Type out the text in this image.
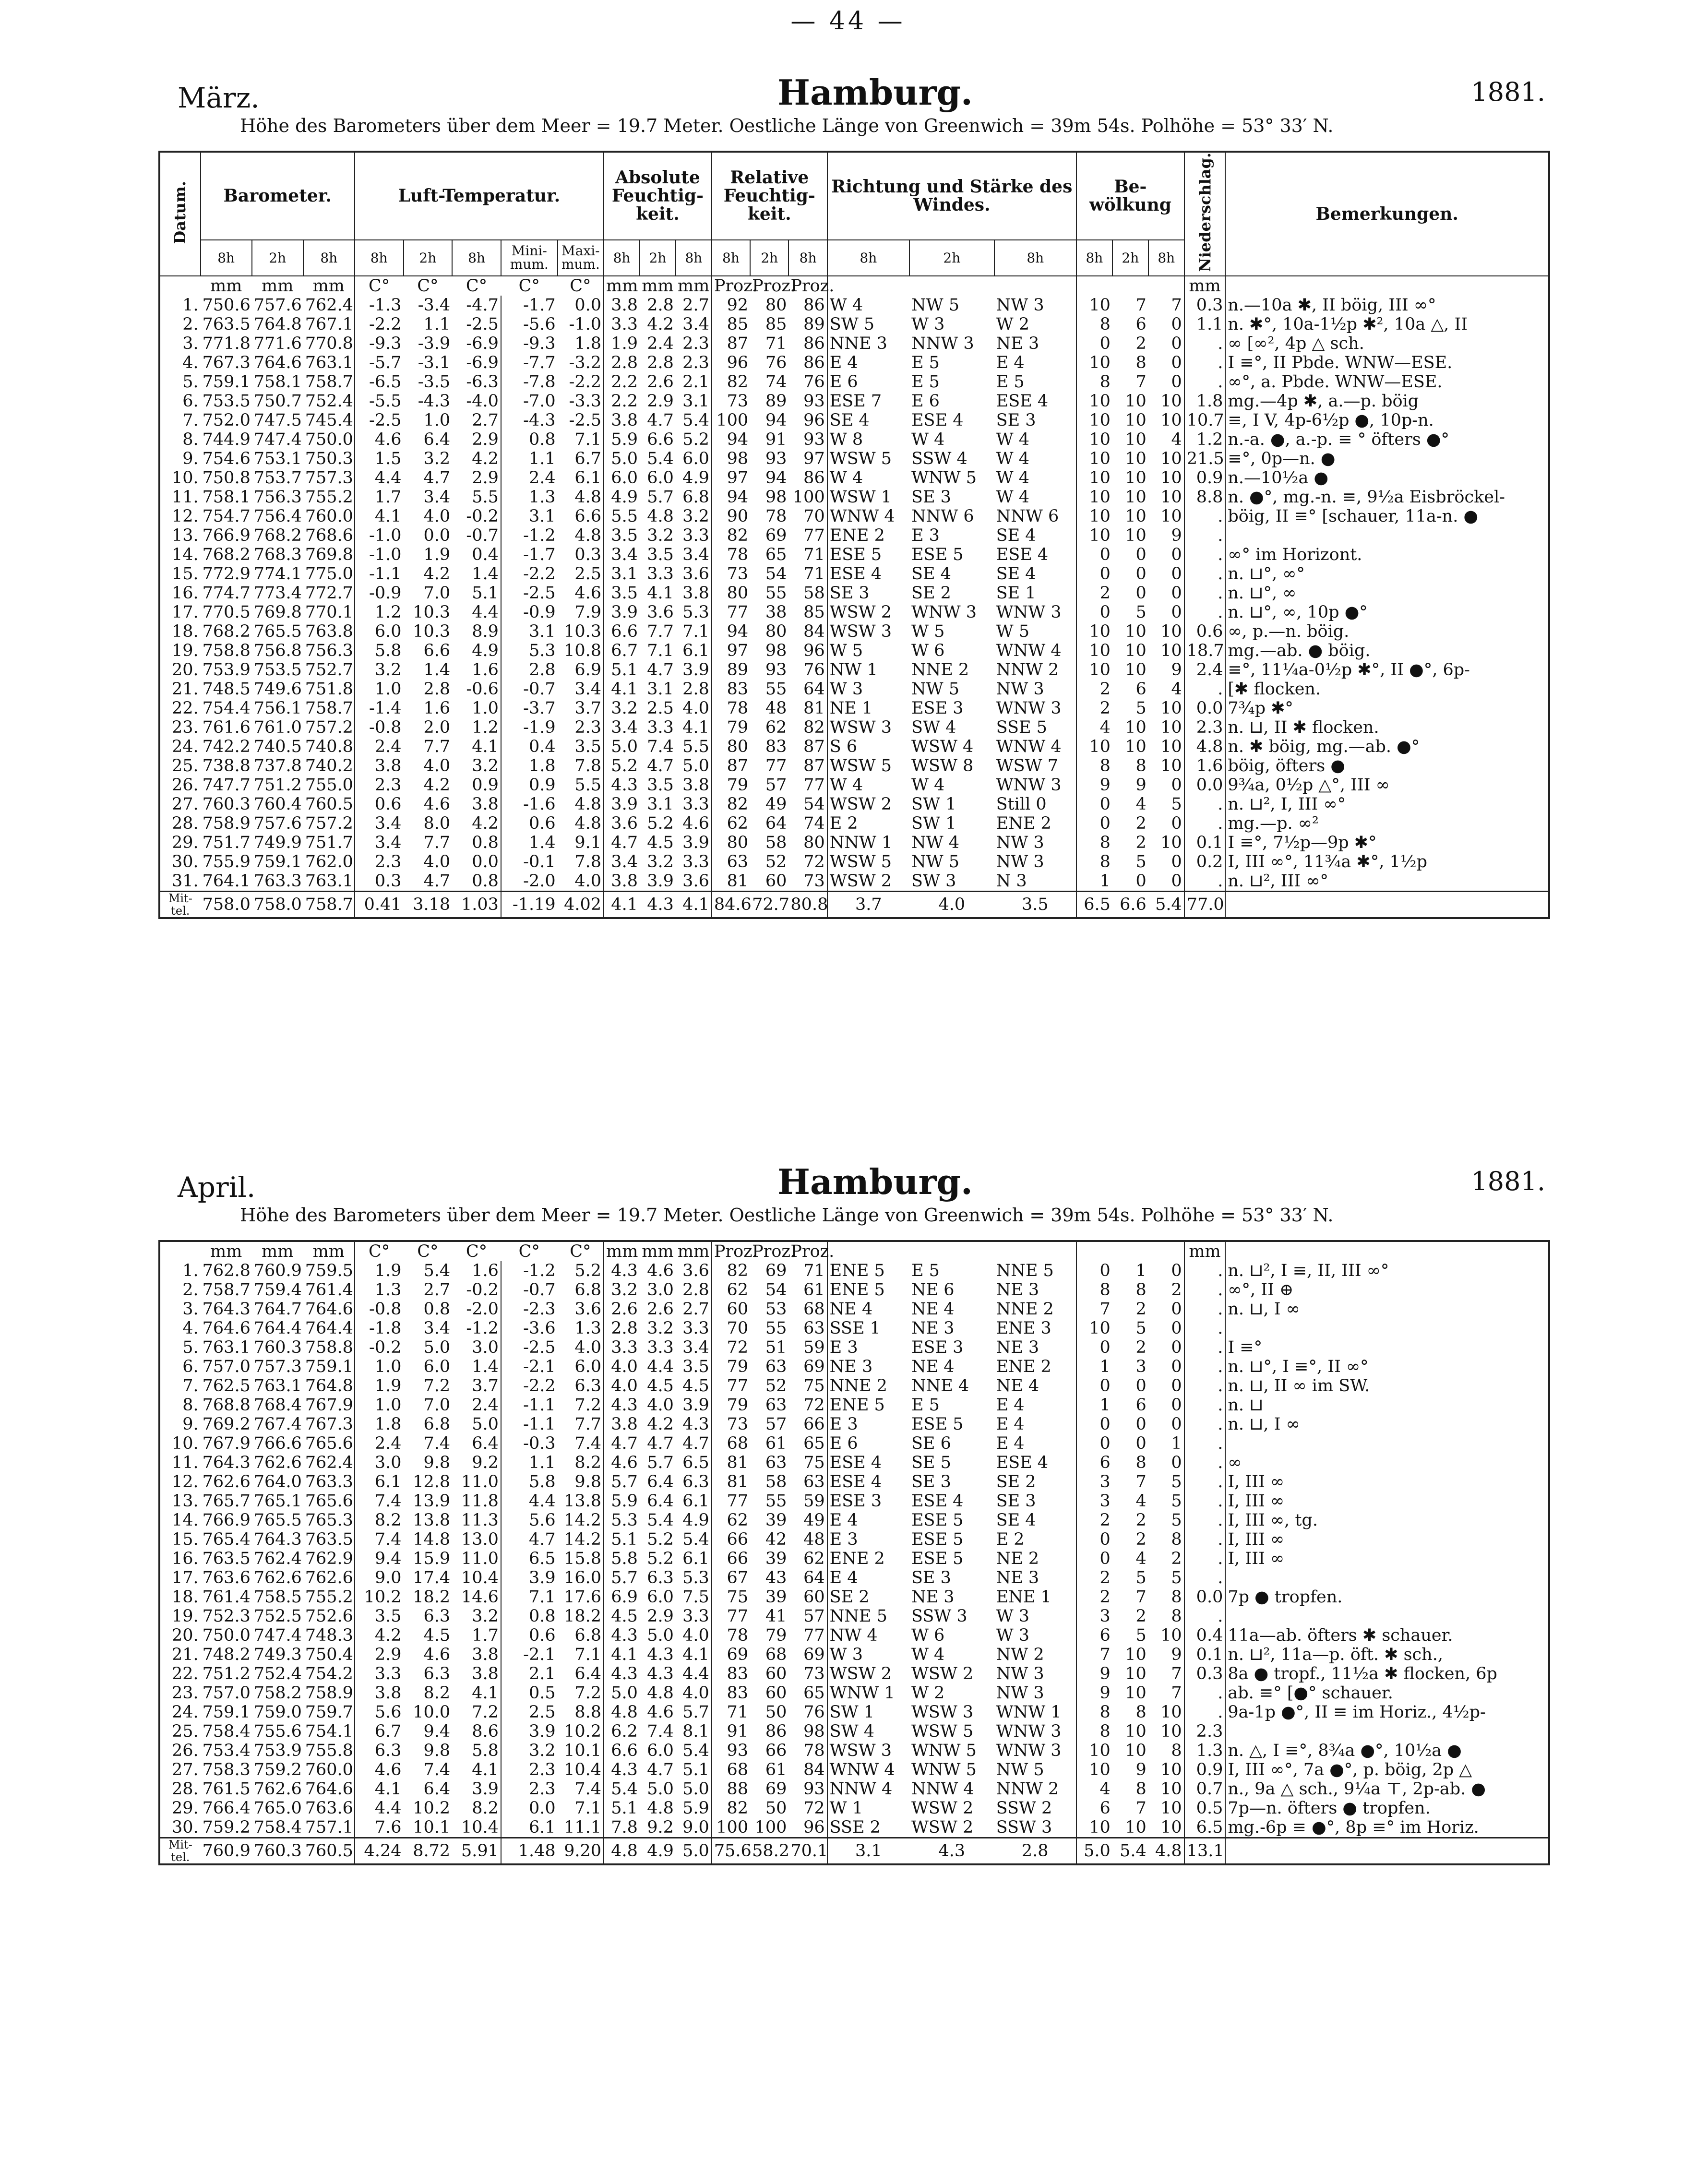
— 44 —
März.	Hamburg.	1881.
Höhe des Barometers über dem Meer = 19.7 Meter. Oestliche Länge von Greenwich = 39m 54s. Polhöhe = 53° 33′ N.
Datum.	Barometer.			Luft-Temperatur.					Absolute Feuchtig-keit.			Relative Feuchtig-keit.			Richtung und Stärke des Windes.			Be-wölkung			Niederschlag.	Bemerkungen.
	8h	2h	8h	8h	2h	8h	Mini-mum.	Maxi-mum.	8h	2h	8h	8h	2h	8h	8h	2h	8h	8h	2h	8h		
	mm	mm	mm	C°	C°	C°	C°	C°	mm	mm	mm	Proz.	Proz.	Proz.							mm	
1.	750.6	757.6	762.4	-1.3	-3.4	-4.7	-1.7	0.0	3.8	2.8	2.7	92	80	86	W 4	NW 5	NW 3	10	7	7	0.3	n.—10a ✱, II böig, III ∞°
2.	763.5	764.8	767.1	-2.2	1.1	-2.5	-5.6	-1.0	3.3	4.2	3.4	85	85	89	SW 5	W 3	W 2	8	6	0	1.1	n. ✱°, 10a-1½p ✱², 10a △, II
3.	771.8	771.6	770.8	-9.3	-3.9	-6.9	-9.3	1.8	1.9	2.4	2.3	87	71	86	NNE 3	NNW 3	NE 3	0	2	0	.	∞ [∞², 4p △ sch.
4.	767.3	764.6	763.1	-5.7	-3.1	-6.9	-7.7	-3.2	2.8	2.8	2.3	96	76	86	E 4	E 5	E 4	10	8	0	.	I ≡°, II Pbde. WNW—ESE.
5.	759.1	758.1	758.7	-6.5	-3.5	-6.3	-7.8	-2.2	2.2	2.6	2.1	82	74	76	E 6	E 5	E 5	8	7	0	.	∞°, a. Pbde. WNW—ESE.
6.	753.5	750.7	752.4	-5.5	-4.3	-4.0	-7.0	-3.3	2.2	2.9	3.1	73	89	93	ESE 7	E 6	ESE 4	10	10	10	1.8	mg.—4p ✱, a.—p. böig
7.	752.0	747.5	745.4	-2.5	1.0	2.7	-4.3	-2.5	3.8	4.7	5.4	100	94	96	SE 4	ESE 4	SE 3	10	10	10	10.7	≡, I V, 4p-6½p ●, 10p-n.
8.	744.9	747.4	750.0	4.6	6.4	2.9	0.8	7.1	5.9	6.6	5.2	94	91	93	W 8	W 4	W 4	10	10	4	1.2	n.-a. ●, a.-p. ≡ ° öfters ●°
9.	754.6	753.1	750.3	1.5	3.2	4.2	1.1	6.7	5.0	5.4	6.0	98	93	97	WSW 5	SSW 4	W 4	10	10	10	21.5	≡°, 0p—n. ●
10.	750.8	753.7	757.3	4.4	4.7	2.9	2.4	6.1	6.0	6.0	4.9	97	94	86	W 4	WNW 5	W 4	10	10	10	0.9	n.—10½a ●
11.	758.1	756.3	755.2	1.7	3.4	5.5	1.3	4.8	4.9	5.7	6.8	94	98	100	WSW 1	SE 3	W 4	10	10	10	8.8	n. ●°, mg.-n. ≡, 9½a Eisbröckel-
12.	754.7	756.4	760.0	4.1	4.0	-0.2	3.1	6.6	5.5	4.8	3.2	90	78	70	WNW 4	NNW 6	NNW 6	10	10	10	.	böig, II ≡° [schauer, 11a-n. ●
13.	766.9	768.2	768.6	-1.0	0.0	-0.7	-1.2	4.8	3.5	3.2	3.3	82	69	77	ENE 2	E 3	SE 4	10	10	9	.	
14.	768.2	768.3	769.8	-1.0	1.9	0.4	-1.7	0.3	3.4	3.5	3.4	78	65	71	ESE 5	ESE 5	ESE 4	0	0	0	.	∞° im Horizont.
15.	772.9	774.1	775.0	-1.1	4.2	1.4	-2.2	2.5	3.1	3.3	3.6	73	54	71	ESE 4	SE 4	SE 4	0	0	0	.	n. ⊔°, ∞°
16.	774.7	773.4	772.7	-0.9	7.0	5.1	-2.5	4.6	3.5	4.1	3.8	80	55	58	SE 3	SE 2	SE 1	2	0	0	.	n. ⊔°, ∞
17.	770.5	769.8	770.1	1.2	10.3	4.4	-0.9	7.9	3.9	3.6	5.3	77	38	85	WSW 2	WNW 3	WNW 3	0	5	0	.	n. ⊔°, ∞, 10p ●°
18.	768.2	765.5	763.8	6.0	10.3	8.9	3.1	10.3	6.6	7.7	7.1	94	80	84	WSW 3	W 5	W 5	10	10	10	0.6	∞, p.—n. böig.
19.	758.8	756.8	756.3	5.8	6.6	4.9	5.3	10.8	6.7	7.1	6.1	97	98	96	W 5	W 6	WNW 4	10	10	10	18.7	mg.—ab. ● böig.
20.	753.9	753.5	752.7	3.2	1.4	1.6	2.8	6.9	5.1	4.7	3.9	89	93	76	NW 1	NNE 2	NNW 2	10	10	9	2.4	≡°, 11¼a-0½p ✱°, II ●°, 6p-
21.	748.5	749.6	751.8	1.0	2.8	-0.6	-0.7	3.4	4.1	3.1	2.8	83	55	64	W 3	NW 5	NW 3	2	6	4	.	[✱ flocken.
22.	754.4	756.1	758.7	-1.4	1.6	1.0	-3.7	3.7	3.2	2.5	4.0	78	48	81	NE 1	ESE 3	WNW 3	2	5	10	0.0	7¾p ✱°
23.	761.6	761.0	757.2	-0.8	2.0	1.2	-1.9	2.3	3.4	3.3	4.1	79	62	82	WSW 3	SW 4	SSE 5	4	10	10	2.3	n. ⊔, II ✱ flocken.
24.	742.2	740.5	740.8	2.4	7.7	4.1	0.4	3.5	5.0	7.4	5.5	80	83	87	S 6	WSW 4	WNW 4	10	10	10	4.8	n. ✱ böig, mg.—ab. ●°
25.	738.8	737.8	740.2	3.8	4.0	3.2	1.8	7.8	5.2	4.7	5.0	87	77	87	WSW 5	WSW 8	WSW 7	8	8	10	1.6	böig, öfters ●
26.	747.7	751.2	755.0	2.3	4.2	0.9	0.9	5.5	4.3	3.5	3.8	79	57	77	W 4	W 4	WNW 3	9	9	0	0.0	9¾a, 0½p △°, III ∞
27.	760.3	760.4	760.5	0.6	4.6	3.8	-1.6	4.8	3.9	3.1	3.3	82	49	54	WSW 2	SW 1	Still 0	0	4	5	.	n. ⊔², I, III ∞°
28.	758.9	757.6	757.2	3.4	8.0	4.2	0.6	4.8	3.6	5.2	4.6	62	64	74	E 2	SW 1	ENE 2	0	2	0	.	mg.—p. ∞²
29.	751.7	749.9	751.7	3.4	7.7	0.8	1.4	9.1	4.7	4.5	3.9	80	58	80	NNW 1	NW 4	NW 3	8	2	10	0.1	I ≡°, 7½p—9p ✱°
30.	755.9	759.1	762.0	2.3	4.0	0.0	-0.1	7.8	3.4	3.2	3.3	63	52	72	WSW 5	NW 5	NW 3	8	5	0	0.2	I, III ∞°, 11¾a ✱°, 1½p
31.	764.1	763.3	763.1	0.3	4.7	0.8	-2.0	4.0	3.8	3.9	3.6	81	60	73	WSW 2	SW 3	N 3	1	0	0	.	n. ⊔², III ∞°
Mit-tel.	758.0	758.0	758.7	0.41	3.18	1.03	-1.19	4.02	4.1	4.3	4.1	84.6	72.7	80.8	3.7	4.0	3.5	6.5	6.6	5.4	77.0	
April.	Hamburg.	1881.
Höhe des Barometers über dem Meer = 19.7 Meter. Oestliche Länge von Greenwich = 39m 54s. Polhöhe = 53° 33′ N.
	mm	mm	mm	C°	C°	C°	C°	C°	mm	mm	mm	Proz.	Proz.	Proz.							mm	
1.	762.8	760.9	759.5	1.9	5.4	1.6	-1.2	5.2	4.3	4.6	3.6	82	69	71	ENE 5	E 5	NNE 5	0	1	0	.	n. ⊔², I ≡, II, III ∞°
2.	758.7	759.4	761.4	1.3	2.7	-0.2	-0.7	6.8	3.2	3.0	2.8	62	54	61	ENE 5	NE 6	NE 3	8	8	2	.	∞°, II ⊕
3.	764.3	764.7	764.6	-0.8	0.8	-2.0	-2.3	3.6	2.6	2.6	2.7	60	53	68	NE 4	NE 4	NNE 2	7	2	0	.	n. ⊔, I ∞
4.	764.6	764.4	764.4	-1.8	3.4	-1.2	-3.6	1.3	2.8	3.2	3.3	70	55	63	SSE 1	NE 3	ENE 3	10	5	0	.	
5.	763.1	760.3	758.8	-0.2	5.0	3.0	-2.5	4.0	3.3	3.3	3.4	72	51	59	E 3	ESE 3	NE 3	0	2	0	.	I ≡°
6.	757.0	757.3	759.1	1.0	6.0	1.4	-2.1	6.0	4.0	4.4	3.5	79	63	69	NE 3	NE 4	ENE 2	1	3	0	.	n. ⊔°, I ≡°, II ∞°
7.	762.5	763.1	764.8	1.9	7.2	3.7	-2.2	6.3	4.0	4.5	4.5	77	52	75	NNE 2	NNE 4	NE 4	0	0	0	.	n. ⊔, II ∞ im SW.
8.	768.8	768.4	767.9	1.0	7.0	2.4	-1.1	7.2	4.3	4.0	3.9	79	63	72	ENE 5	E 5	E 4	1	6	0	.	n. ⊔
9.	769.2	767.4	767.3	1.8	6.8	5.0	-1.1	7.7	3.8	4.2	4.3	73	57	66	E 3	ESE 5	E 4	0	0	0	.	n. ⊔, I ∞
10.	767.9	766.6	765.6	2.4	7.4	6.4	-0.3	7.4	4.7	4.7	4.7	68	61	65	E 6	SE 6	E 4	0	0	1	.	
11.	764.3	762.6	762.4	3.0	9.8	9.2	1.1	8.2	4.6	5.7	6.5	81	63	75	ESE 4	SE 5	ESE 4	6	8	0	.	∞
12.	762.6	764.0	763.3	6.1	12.8	11.0	5.8	9.8	5.7	6.4	6.3	81	58	63	ESE 4	SE 3	SE 2	3	7	5	.	I, III ∞
13.	765.7	765.1	765.6	7.4	13.9	11.8	4.4	13.8	5.9	6.4	6.1	77	55	59	ESE 3	ESE 4	SE 3	3	4	5	.	I, III ∞
14.	766.9	765.5	765.3	8.2	13.8	11.3	5.6	14.2	5.3	5.4	4.9	62	39	49	E 4	ESE 5	SE 4	2	2	5	.	I, III ∞, tg.
15.	765.4	764.3	763.5	7.4	14.8	13.0	4.7	14.2	5.1	5.2	5.4	66	42	48	E 3	ESE 5	E 2	0	2	8	.	I, III ∞
16.	763.5	762.4	762.9	9.4	15.9	11.0	6.5	15.8	5.8	5.2	6.1	66	39	62	ENE 2	ESE 5	NE 2	0	4	2	.	I, III ∞
17.	763.6	762.6	762.6	9.0	17.4	10.4	3.9	16.0	5.7	6.3	5.3	67	43	64	E 4	SE 3	NE 3	2	5	5	.	
18.	761.4	758.5	755.2	10.2	18.2	14.6	7.1	17.6	6.9	6.0	7.5	75	39	60	SE 2	NE 3	ENE 1	2	7	8	0.0	7p ● tropfen.
19.	752.3	752.5	752.6	3.5	6.3	3.2	0.8	18.2	4.5	2.9	3.3	77	41	57	NNE 5	SSW 3	W 3	3	2	8	.	
20.	750.0	747.4	748.3	4.2	4.5	1.7	0.6	6.8	4.3	5.0	4.0	78	79	77	NW 4	W 6	W 3	6	5	10	0.4	11a—ab. öfters ✱ schauer.
21.	748.2	749.3	750.4	2.9	4.6	3.8	-2.1	7.1	4.1	4.3	4.1	69	68	69	W 3	W 4	NW 2	7	10	9	0.1	n. ⊔², 11a—p. öft. ✱ sch.,
22.	751.2	752.4	754.2	3.3	6.3	3.8	2.1	6.4	4.3	4.3	4.4	83	60	73	WSW 2	WSW 2	NW 3	9	10	7	0.3	8a ● tropf., 11½a ✱ flocken, 6p
23.	757.0	758.2	758.9	3.8	8.2	4.1	0.5	7.2	5.0	4.8	4.0	83	60	65	WNW 1	W 2	NW 3	9	10	7	.	ab. ≡° [●° schauer.
24.	759.1	759.0	759.7	5.6	10.0	7.2	2.5	8.8	4.8	4.6	5.7	71	50	76	SW 1	WSW 3	WNW 1	8	8	10	.	9a-1p ●°, II ≡ im Horiz., 4½p-
25.	758.4	755.6	754.1	6.7	9.4	8.6	3.9	10.2	6.2	7.4	8.1	91	86	98	SW 4	WSW 5	WNW 3	8	10	10	2.3	
26.	753.4	753.9	755.8	6.3	9.8	5.8	3.2	10.1	6.6	6.0	5.4	93	66	78	WSW 3	WNW 5	WNW 3	10	10	8	1.3	n. △, I ≡°, 8¾a ●°, 10½a ●
27.	758.3	759.2	760.0	4.6	7.4	4.1	2.3	10.4	4.3	4.7	5.1	68	61	84	WNW 4	WNW 5	NW 5	10	9	10	0.9	I, III ∞°, 7a ●°, p. böig, 2p △
28.	761.5	762.6	764.6	4.1	6.4	3.9	2.3	7.4	5.4	5.0	5.0	88	69	93	NNW 4	NNW 4	NNW 2	4	8	10	0.7	n., 9a △ sch., 9¼a ⊤, 2p-ab. ●
29.	766.4	765.0	763.6	4.4	10.2	8.2	0.0	7.1	5.1	4.8	5.9	82	50	72	W 1	WSW 2	SSW 2	6	7	10	0.5	7p—n. öfters ● tropfen.
30.	759.2	758.4	757.1	7.6	10.1	10.4	6.1	11.1	7.8	9.2	9.0	100	100	96	SSE 2	WSW 2	SSW 3	10	10	10	6.5	mg.-6p ≡ ●°, 8p ≡° im Horiz.
Mit-tel.	760.9	760.3	760.5	4.24	8.72	5.91	1.48	9.20	4.8	4.9	5.0	75.6	58.2	70.1	3.1	4.3	2.8	5.0	5.4	4.8	13.1	
